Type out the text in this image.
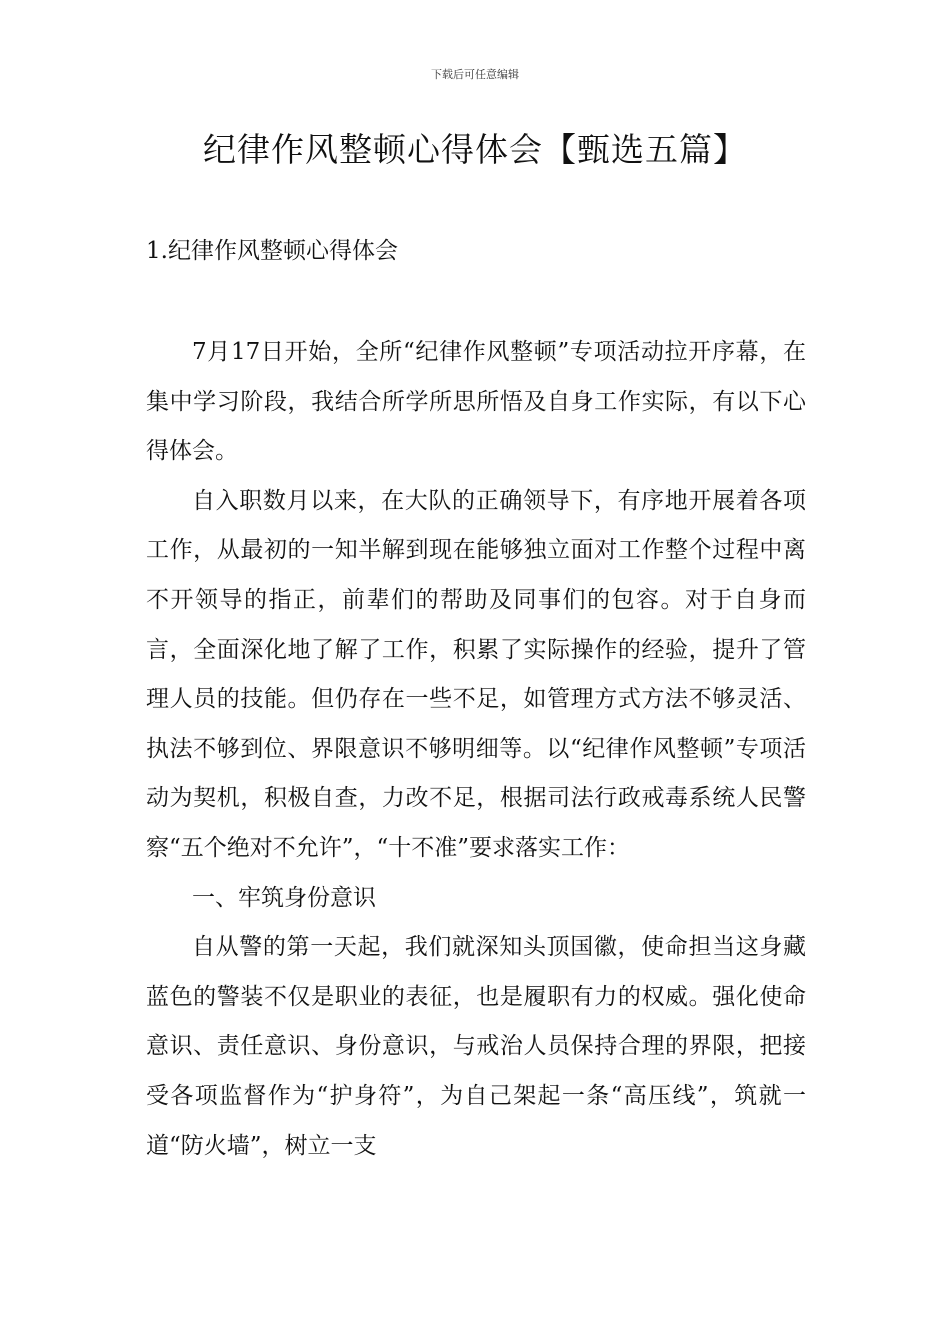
下载后可任意编辑
纪律作风整顿心得体会【甄选五篇】
1.纪律作风整顿心得体会

7月17日开始，全所“纪律作风整顿”专项活动拉开序幕，在集中学习阶段，我结合所学所思所悟及自身工作实际，有以下心得体会。

自入职数月以来，在大队的正确领导下，有序地开展着各项工作，从最初的一知半解到现在能够独立面对工作整个过程中离不开领导的指正，前辈们的帮助及同事们的包容。对于自身而言，全面深化地了解了工作，积累了实际操作的经验，提升了管理人员的技能。但仍存在一些不足，如管理方式方法不够灵活、执法不够到位、界限意识不够明细等。以“纪律作风整顿”专项活动为契机，积极自查，力改不足，根据司法行政戒毒系统人民警察“五个绝对不允许”，“十不准”要求落实工作：

一、牢筑身份意识

自从警的第一天起，我们就深知头顶国徽，使命担当这身藏蓝色的警装不仅是职业的表征，也是履职有力的权威。强化使命意识、责任意识、身份意识，与戒治人员保持合理的界限，把接受各项监督作为“护身符”，为自己架起一条“高压线”，筑就一道“防火墙”，树立一支
